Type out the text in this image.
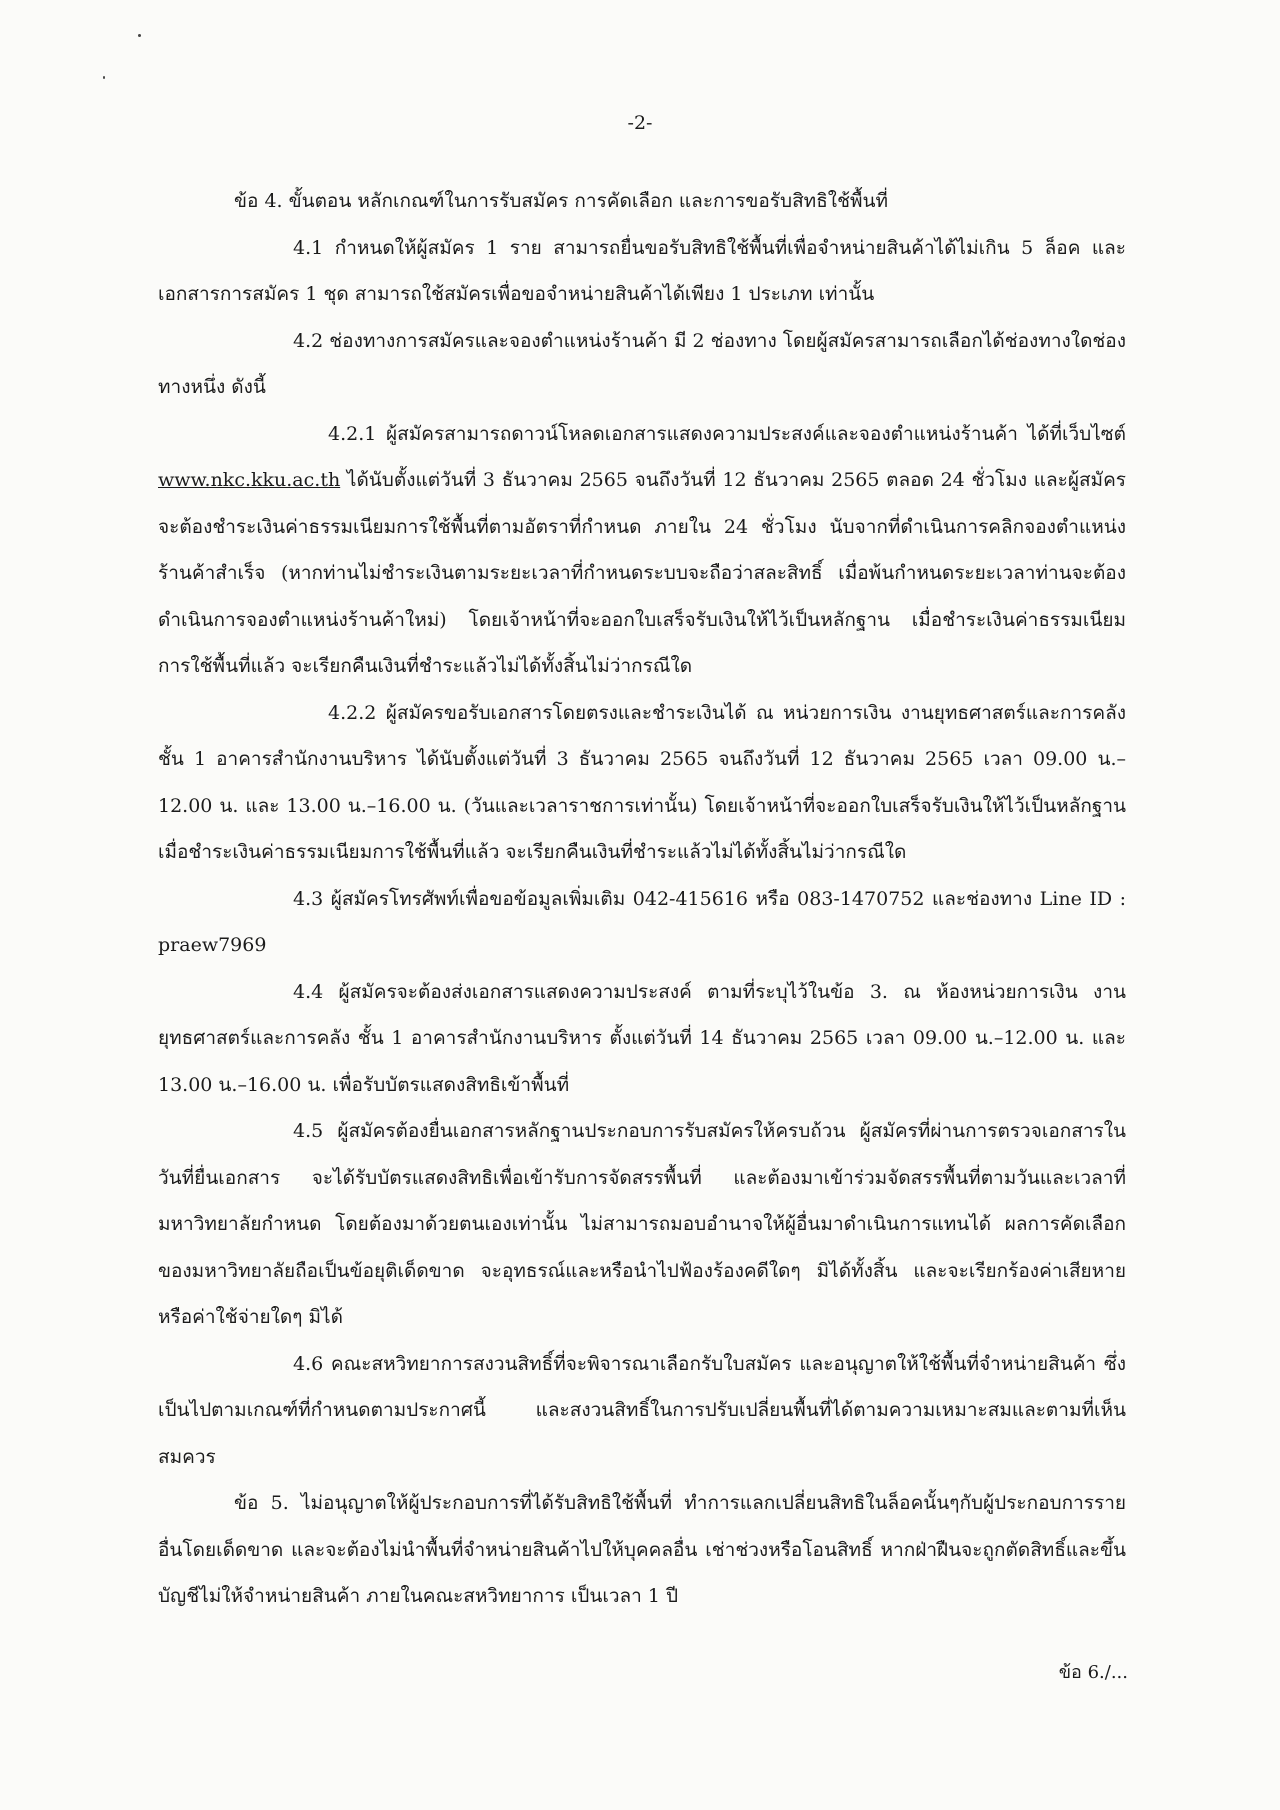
-2-

ข้อ 4. ขั้นตอน หลักเกณฑ์ในการรับสมัคร การคัดเลือก และการขอรับสิทธิใช้พื้นที่

4.1 กำหนดให้ผู้สมัคร 1 ราย สามารถยื่นขอรับสิทธิใช้พื้นที่เพื่อจำหน่ายสินค้าได้ไม่เกิน 5 ล็อค และเอกสารการสมัคร 1 ชุด สามารถใช้สมัครเพื่อขอจำหน่ายสินค้าได้เพียง 1 ประเภท เท่านั้น

4.2 ช่องทางการสมัครและจองตำแหน่งร้านค้า มี 2 ช่องทาง โดยผู้สมัครสามารถเลือกได้ช่องทางใดช่องทางหนึ่ง ดังนี้

4.2.1 ผู้สมัครสามารถดาวน์โหลดเอกสารแสดงความประสงค์และจองตำแหน่งร้านค้า ได้ที่เว็บไซต์ www.nkc.kku.ac.th ได้นับตั้งแต่วันที่ 3 ธันวาคม 2565 จนถึงวันที่ 12 ธันวาคม 2565 ตลอด 24 ชั่วโมง และผู้สมัครจะต้องชำระเงินค่าธรรมเนียมการใช้พื้นที่ตามอัตราที่กำหนด ภายใน 24 ชั่วโมง นับจากที่ดำเนินการคลิกจองตำแหน่งร้านค้าสำเร็จ (หากท่านไม่ชำระเงินตามระยะเวลาที่กำหนดระบบจะถือว่าสละสิทธิ์ เมื่อพ้นกำหนดระยะเวลาท่านจะต้องดำเนินการจองตำแหน่งร้านค้าใหม่) โดยเจ้าหน้าที่จะออกใบเสร็จรับเงินให้ไว้เป็นหลักฐาน เมื่อชำระเงินค่าธรรมเนียมการใช้พื้นที่แล้ว จะเรียกคืนเงินที่ชำระแล้วไม่ได้ทั้งสิ้นไม่ว่ากรณีใด

4.2.2 ผู้สมัครขอรับเอกสารโดยตรงและชำระเงินได้ ณ หน่วยการเงิน งานยุทธศาสตร์และการคลัง ชั้น 1 อาคารสำนักงานบริหาร ได้นับตั้งแต่วันที่ 3 ธันวาคม 2565 จนถึงวันที่ 12 ธันวาคม 2565 เวลา 09.00 น.–12.00 น. และ 13.00 น.–16.00 น. (วันและเวลาราชการเท่านั้น) โดยเจ้าหน้าที่จะออกใบเสร็จรับเงินให้ไว้เป็นหลักฐาน เมื่อชำระเงินค่าธรรมเนียมการใช้พื้นที่แล้ว จะเรียกคืนเงินที่ชำระแล้วไม่ได้ทั้งสิ้นไม่ว่ากรณีใด

4.3 ผู้สมัครโทรศัพท์เพื่อขอข้อมูลเพิ่มเติม 042-415616 หรือ 083-1470752 และช่องทาง Line ID : praew7969

4.4 ผู้สมัครจะต้องส่งเอกสารแสดงความประสงค์ ตามที่ระบุไว้ในข้อ 3. ณ ห้องหน่วยการเงิน งานยุทธศาสตร์และการคลัง ชั้น 1 อาคารสำนักงานบริหาร ตั้งแต่วันที่ 14 ธันวาคม 2565 เวลา 09.00 น.–12.00 น. และ 13.00 น.–16.00 น. เพื่อรับบัตรแสดงสิทธิเข้าพื้นที่

4.5 ผู้สมัครต้องยื่นเอกสารหลักฐานประกอบการรับสมัครให้ครบถ้วน ผู้สมัครที่ผ่านการตรวจเอกสารในวันที่ยื่นเอกสาร จะได้รับบัตรแสดงสิทธิเพื่อเข้ารับการจัดสรรพื้นที่ และต้องมาเข้าร่วมจัดสรรพื้นที่ตามวันและเวลาที่มหาวิทยาลัยกำหนด โดยต้องมาด้วยตนเองเท่านั้น ไม่สามารถมอบอำนาจให้ผู้อื่นมาดำเนินการแทนได้ ผลการคัดเลือกของมหาวิทยาลัยถือเป็นข้อยุติเด็ดขาด จะอุทธรณ์และหรือนำไปฟ้องร้องคดีใดๆ มิได้ทั้งสิ้น และจะเรียกร้องค่าเสียหายหรือค่าใช้จ่ายใดๆ มิได้

4.6 คณะสหวิทยาการสงวนสิทธิ์ที่จะพิจารณาเลือกรับใบสมัคร และอนุญาตให้ใช้พื้นที่จำหน่ายสินค้า ซึ่งเป็นไปตามเกณฑ์ที่กำหนดตามประกาศนี้ และสงวนสิทธิ์ในการปรับเปลี่ยนพื้นที่ได้ตามความเหมาะสมและตามที่เห็นสมควร

ข้อ 5. ไม่อนุญาตให้ผู้ประกอบการที่ได้รับสิทธิใช้พื้นที่ ทำการแลกเปลี่ยนสิทธิในล็อคนั้นๆกับผู้ประกอบการรายอื่นโดยเด็ดขาด และจะต้องไม่นำพื้นที่จำหน่ายสินค้าไปให้บุคคลอื่น เช่าช่วงหรือโอนสิทธิ์ หากฝ่าฝืนจะถูกตัดสิทธิ์และขึ้นบัญชีไม่ให้จำหน่ายสินค้า ภายในคณะสหวิทยาการ เป็นเวลา 1 ปี

ข้อ 6./...
